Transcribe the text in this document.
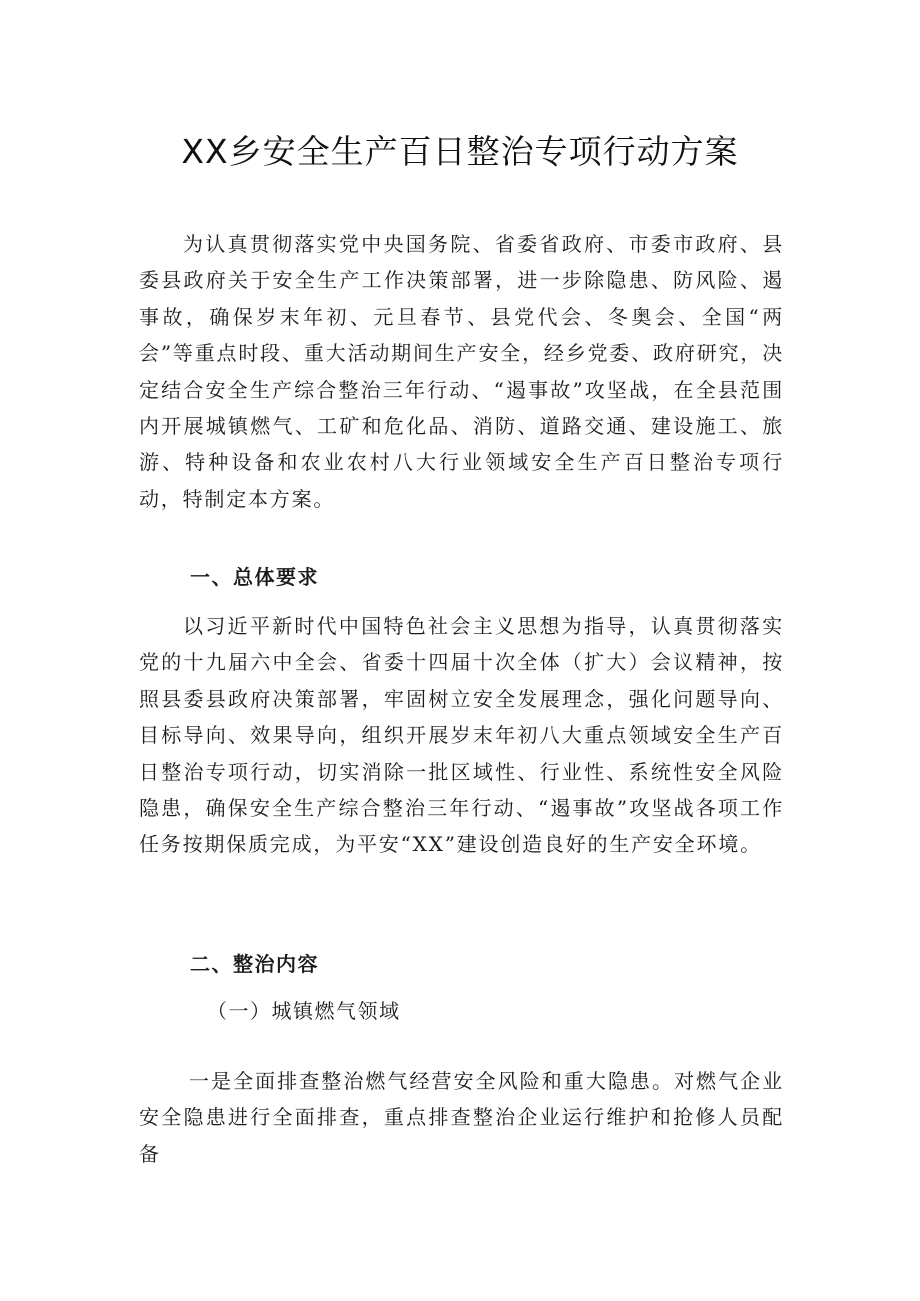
XX乡安全生产百日整治专项行动方案

为认真贯彻落实党中央国务院、省委省政府、市委市政府、县委县政府关于安全生产工作决策部署，进一步除隐患、防风险、遏事故，确保岁末年初、元旦春节、县党代会、冬奥会、全国“两会”等重点时段、重大活动期间生产安全，经乡党委、政府研究，决定结合安全生产综合整治三年行动、“遏事故”攻坚战，在全县范围内开展城镇燃气、工矿和危化品、消防、道路交通、建设施工、旅游、特种设备和农业农村八大行业领域安全生产百日整治专项行动，特制定本方案。

一、总体要求

以习近平新时代中国特色社会主义思想为指导，认真贯彻落实党的十九届六中全会、省委十四届十次全体（扩大）会议精神，按照县委县政府决策部署，牢固树立安全发展理念，强化问题导向、目标导向、效果导向，组织开展岁末年初八大重点领域安全生产百日整治专项行动，切实消除一批区域性、行业性、系统性安全风险隐患，确保安全生产综合整治三年行动、“遏事故”攻坚战各项工作任务按期保质完成，为平安“XX”建设创造良好的生产安全环境。

二、整治内容

（一）城镇燃气领域

一是全面排查整治燃气经营安全风险和重大隐患。对燃气企业安全隐患进行全面排查，重点排查整治企业运行维护和抢修人员配备
